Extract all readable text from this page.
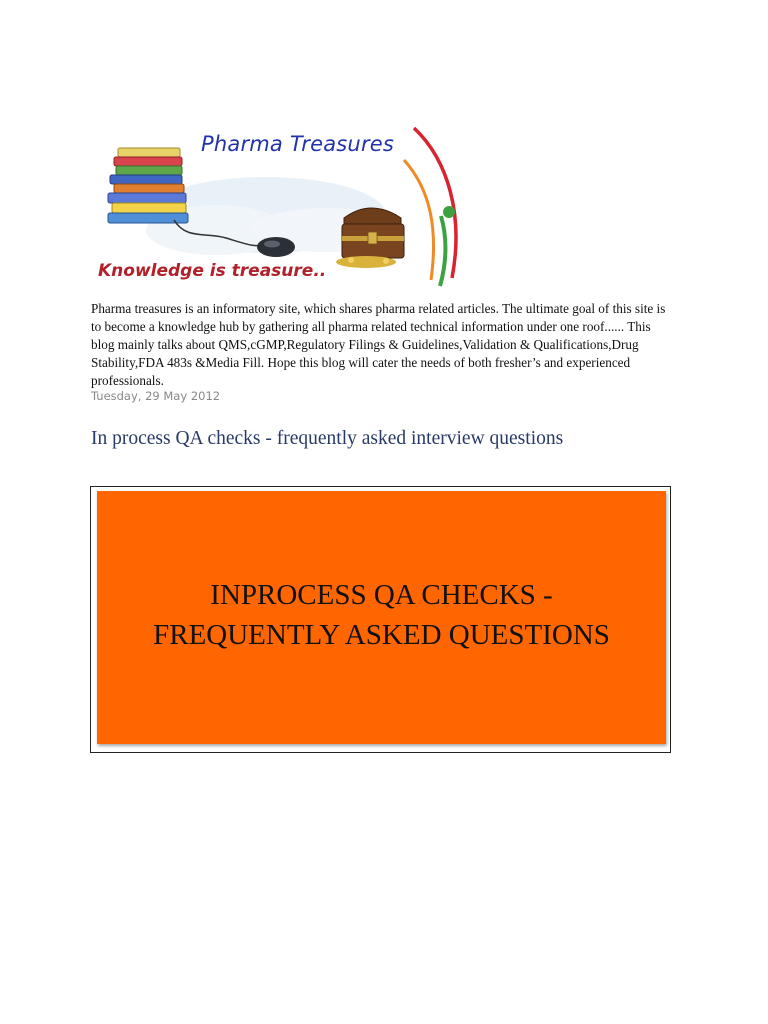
Pharma Treasures
Knowledge is treasure..
Pharma treasures is an informatory site, which shares pharma related articles. The ultimate goal of this site is to become a knowledge hub by gathering all pharma related technical information under one roof...... This blog mainly talks about QMS,cGMP,Regulatory Filings & Guidelines,Validation & Qualifications,Drug Stability,FDA 483s &Media Fill. Hope this blog will cater the needs of both fresher’s and experienced professionals.
Tuesday, 29 May 2012
In process QA checks - frequently asked interview questions
INPROCESS QA CHECKS -
FREQUENTLY ASKED QUESTIONS
